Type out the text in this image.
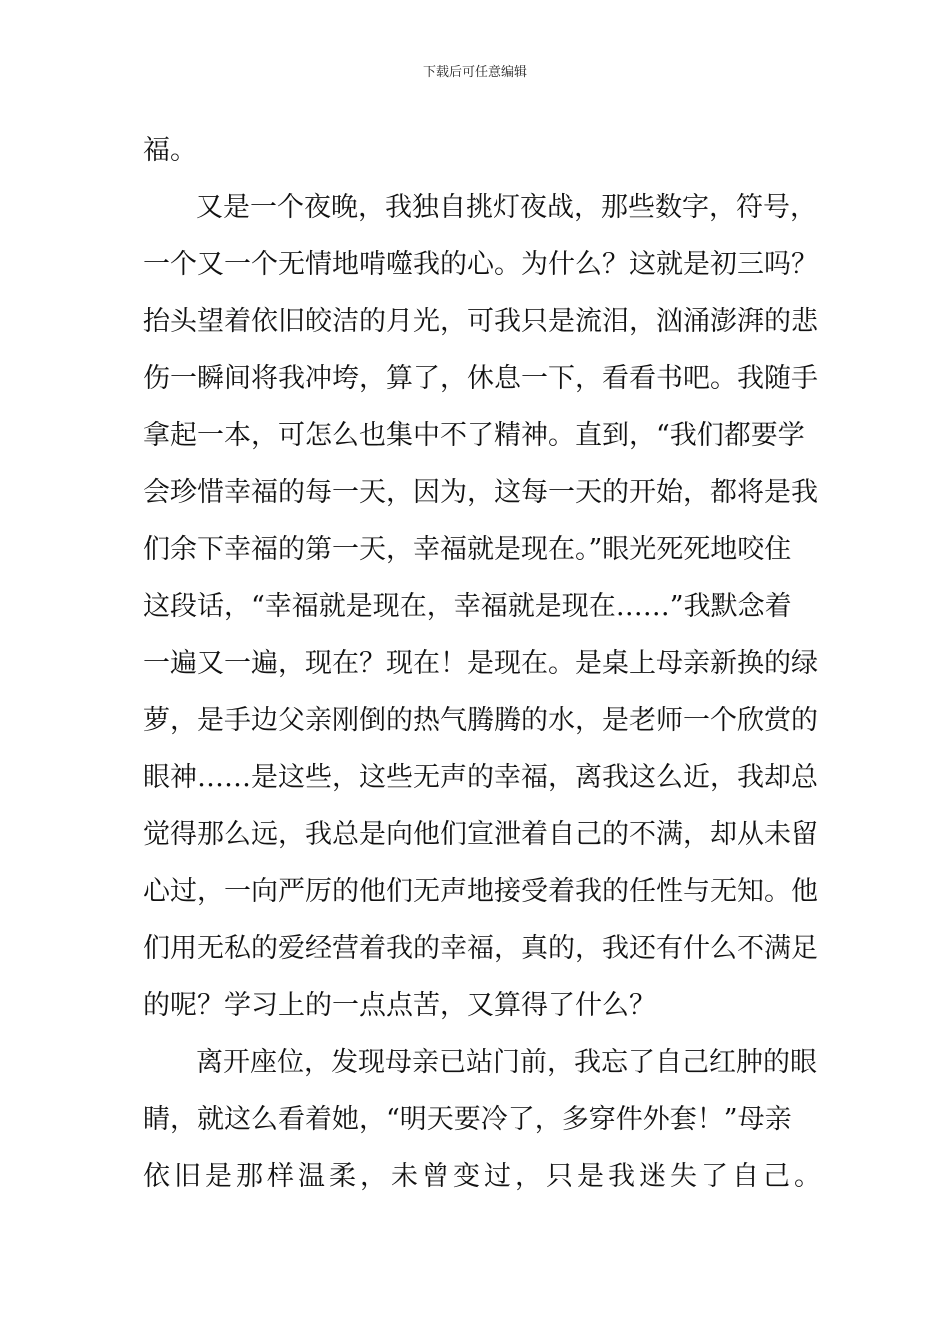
下载后可任意编辑
福。
又是一个夜晚，我独自挑灯夜战，那些数字，符号，
一个又一个无情地啃噬我的心。为什么？这就是初三吗？
抬头望着依旧皎洁的月光，可我只是流泪，汹涌澎湃的悲
伤一瞬间将我冲垮，算了，休息一下，看看书吧。我随手
拿起一本，可怎么也集中不了精神。直到，“我们都要学
会珍惜幸福的每一天，因为，这每一天的开始，都将是我
们余下幸福的第一天，幸福就是现在。”眼光死死地咬住
这段话，“幸福就是现在，幸福就是现在……”我默念着
一遍又一遍，现在？现在！是现在。是桌上母亲新换的绿
萝，是手边父亲刚倒的热气腾腾的水，是老师一个欣赏的
眼神……是这些，这些无声的幸福，离我这么近，我却总
觉得那么远，我总是向他们宣泄着自己的不满，却从未留
心过，一向严厉的他们无声地接受着我的任性与无知。他
们用无私的爱经营着我的幸福，真的，我还有什么不满足
的呢？学习上的一点点苦，又算得了什么？
离开座位，发现母亲已站门前，我忘了自己红肿的眼
睛，就这么看着她，“明天要冷了，多穿件外套！”母亲
依旧是那样温柔，未曾变过，只是我迷失了自己。
